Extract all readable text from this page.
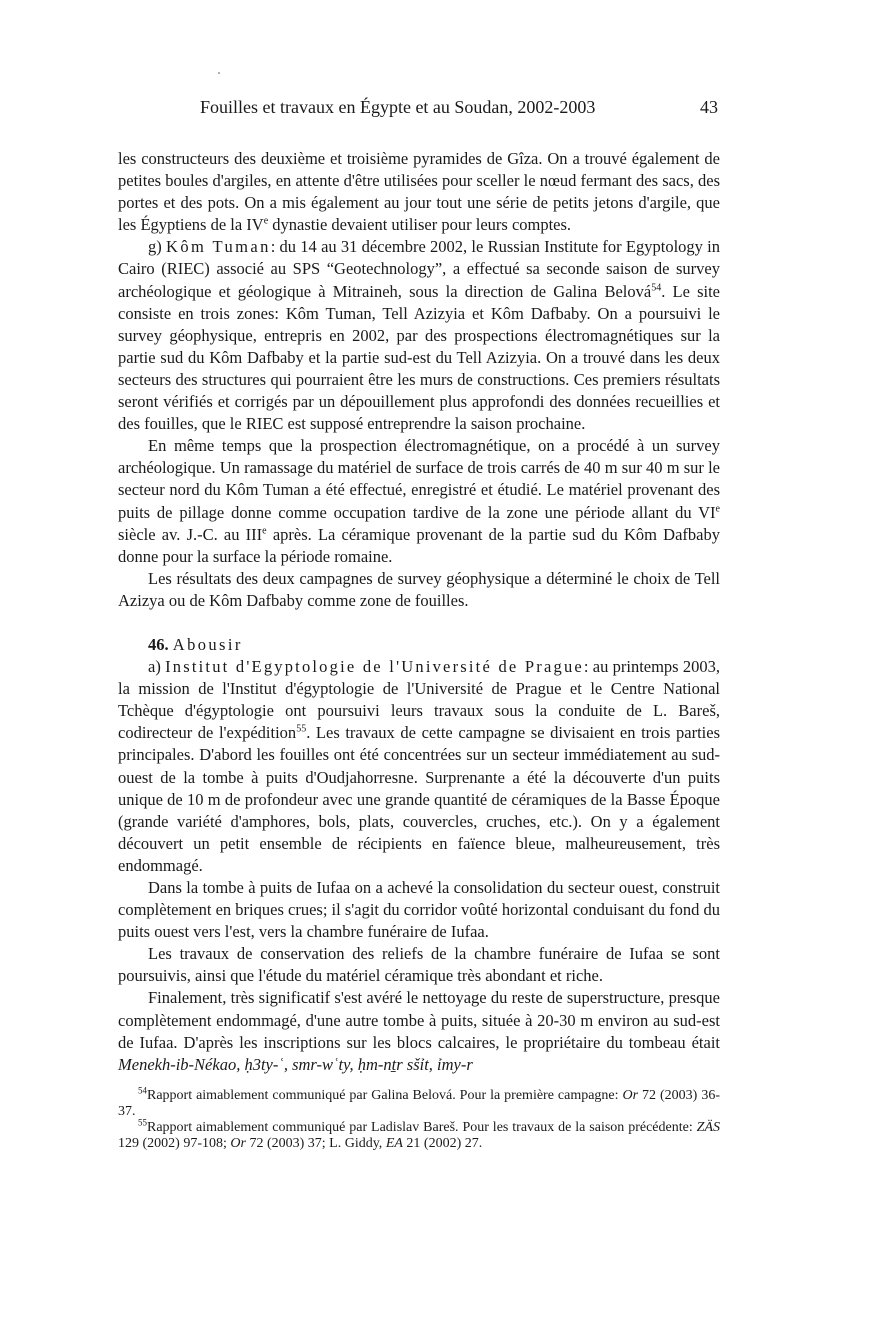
Fouilles et travaux en Égypte et au Soudan, 2002-2003	43

les constructeurs des deuxième et troisième pyramides de Gîza. On a trouvé également de petites boules d'argiles, en attente d'être utilisées pour sceller le nœud fermant des sacs, des portes et des pots. On a mis également au jour tout une série de petits jetons d'argile, que les Égyptiens de la IVe dynastie devaient utiliser pour leurs comptes.

g) Kôm Tuman: du 14 au 31 décembre 2002, le Russian Institute for Egyptology in Cairo (RIEC) associé au SPS “Geotechnology”, a effectué sa seconde saison de survey archéologique et géologique à Mitraineh, sous la direction de Galina Belová$^{54}$. Le site consiste en trois zones: Kôm Tuman, Tell Azizyia et Kôm Dafbaby. On a poursuivi le survey géophysique, entrepris en 2002, par des prospections électromagnétiques sur la partie sud du Kôm Dafbaby et la partie sud-est du Tell Azizyia. On a trouvé dans les deux secteurs des structures qui pourraient être les murs de constructions. Ces premiers résultats seront vérifiés et corrigés par un dépouillement plus approfondi des données recueillies et des fouilles, que le RIEC est supposé entreprendre la saison prochaine.

En même temps que la prospection électromagnétique, on a procédé à un survey archéologique. Un ramassage du matériel de surface de trois carrés de 40 m sur 40 m sur le secteur nord du Kôm Tuman a été effectué, enregistré et étudié. Le matériel provenant des puits de pillage donne comme occupation tardive de la zone une période allant du VIe siècle av. J.-C. au IIIe après. La céramique provenant de la partie sud du Kôm Dafbaby donne pour la surface la période romaine.

Les résultats des deux campagnes de survey géophysique a déterminé le choix de Tell Azizya ou de Kôm Dafbaby comme zone de fouilles.

46. Abousir

a) Institut d'Egyptologie de l'Université de Prague: au printemps 2003, la mission de l'Institut d'égyptologie de l'Université de Prague et le Centre National Tchèque d'égyptologie ont poursuivi leurs travaux sous la conduite de L. Bareš, codirecteur de l'expédition$^{55}$. Les travaux de cette campagne se divisaient en trois parties principales. D'abord les fouilles ont été concentrées sur un secteur immédiatement au sud-ouest de la tombe à puits d'Oudjahorresne. Surprenante a été la découverte d'un puits unique de 10 m de profondeur avec une grande quantité de céramiques de la Basse Époque (grande variété d'amphores, bols, plats, couvercles, cruches, etc.). On y a également découvert un petit ensemble de récipients en faïence bleue, malheureusement, très endommagé.

Dans la tombe à puits de Iufaa on a achevé la consolidation du secteur ouest, construit complètement en briques crues; il s'agit du corridor voûté horizontal conduisant du fond du puits ouest vers l'est, vers la chambre funéraire de Iufaa.

Les travaux de conservation des reliefs de la chambre funéraire de Iufaa se sont poursuivis, ainsi que l'étude du matériel céramique très abondant et riche.

Finalement, très significatif s'est avéré le nettoyage du reste de superstructure, presque complètement endommagé, d'une autre tombe à puits, située à 20-30 m environ au sud-est de Iufaa. D'après les inscriptions sur les blocs calcaires, le propriétaire du tombeau était Menekh-ib-Nékao, ḥ3ty-ʿ, smr-wʿty, ḥm-nṯr sšỉt, ỉmy-r

$^{54}$Rapport aimablement communiqué par Galina Belová. Pour la première campagne: Or 72 (2003) 36-37.

$^{55}$Rapport aimablement communiqué par Ladislav Bareš. Pour les travaux de la saison précédente: ZÄS 129 (2002) 97-108; Or 72 (2003) 37; L. Giddy, EA 21 (2002) 27.
